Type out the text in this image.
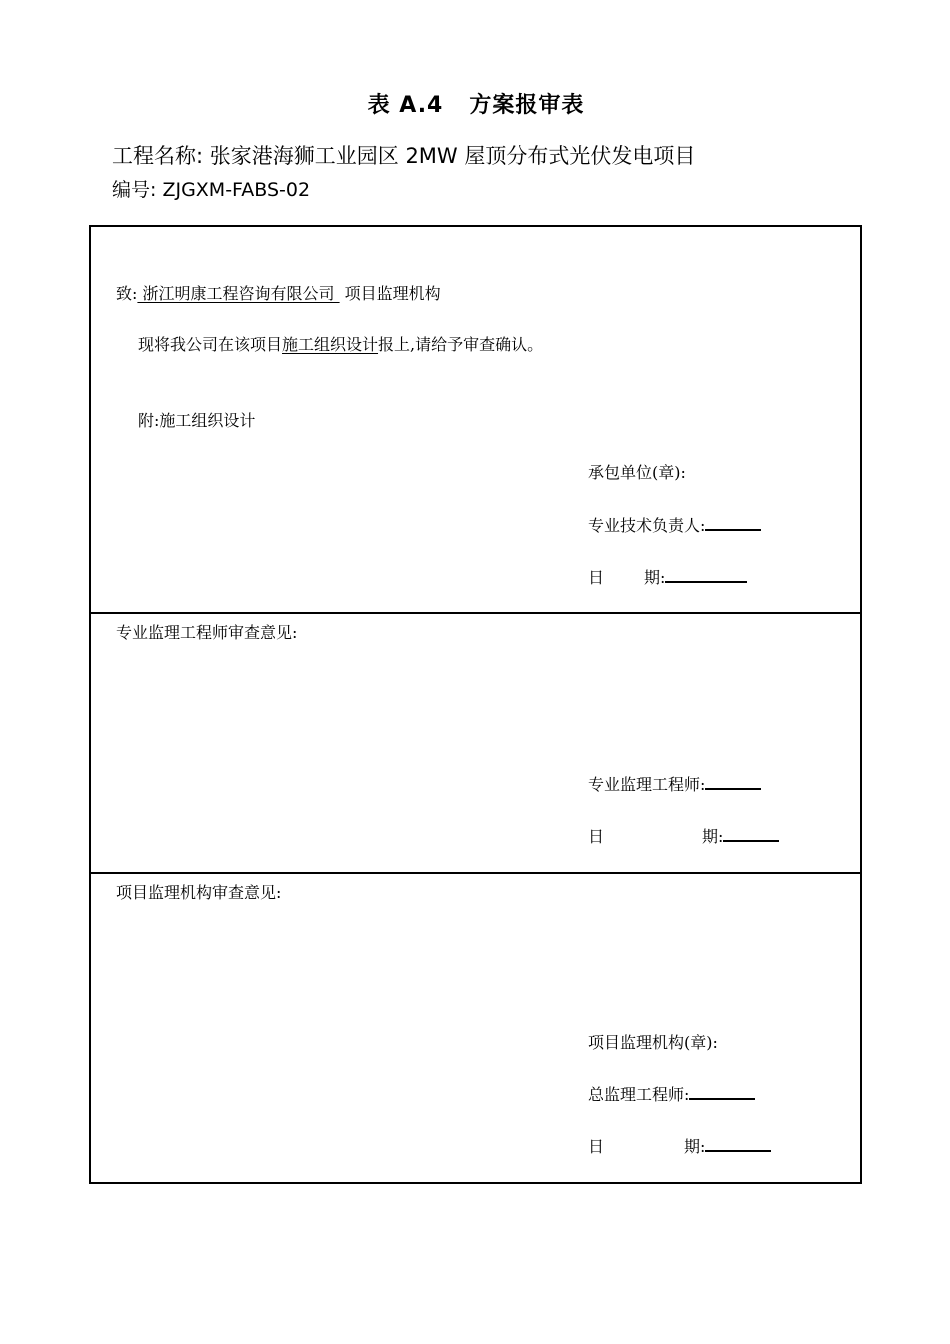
表 A.4 方案报审表
工程名称: 张家港海狮工业园区 2MW 屋顶分布式光伏发电项目
编号: ZJGXM-FABS-02
致: 浙江明康工程咨询有限公司  项目监理机构
现将我公司在该项目施工组织设计报上,请给予审查确认。
附:施工组织设计
承包单位(章):
专业技术负责人:
日	期:
专业监理工程师审查意见:
专业监理工程师:
日	期:
项目监理机构审查意见:
项目监理机构(章):
总监理工程师:
日	期:
